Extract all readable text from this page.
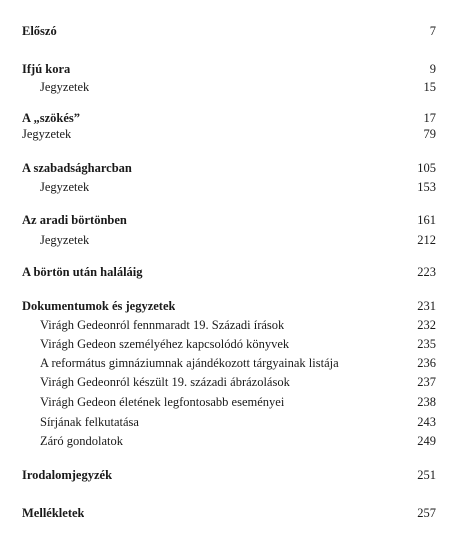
Előszó	7
Ifjú kora	9
Jegyzetek	15
A „szökés”	17
Jegyzetek	79
A szabadságharcban	105
Jegyzetek	153
Az aradi börtönben	161
Jegyzetek	212
A börtön után haláláig	223
Dokumentumok és jegyzetek	231
Virágh Gedeonról fennmaradt 19. Századi írások	232
Virágh Gedeon személyéhez kapcsolódó könyvek	235
A református gimnáziumnak ajándékozott tárgyainak listája	236
Virágh Gedeonról készült 19. századi ábrázolások	237
Virágh Gedeon életének legfontosabb eseményei	238
Sírjának felkutatása	243
Záró gondolatok	249
Irodalomjegyzék	251
Mellékletek	257
